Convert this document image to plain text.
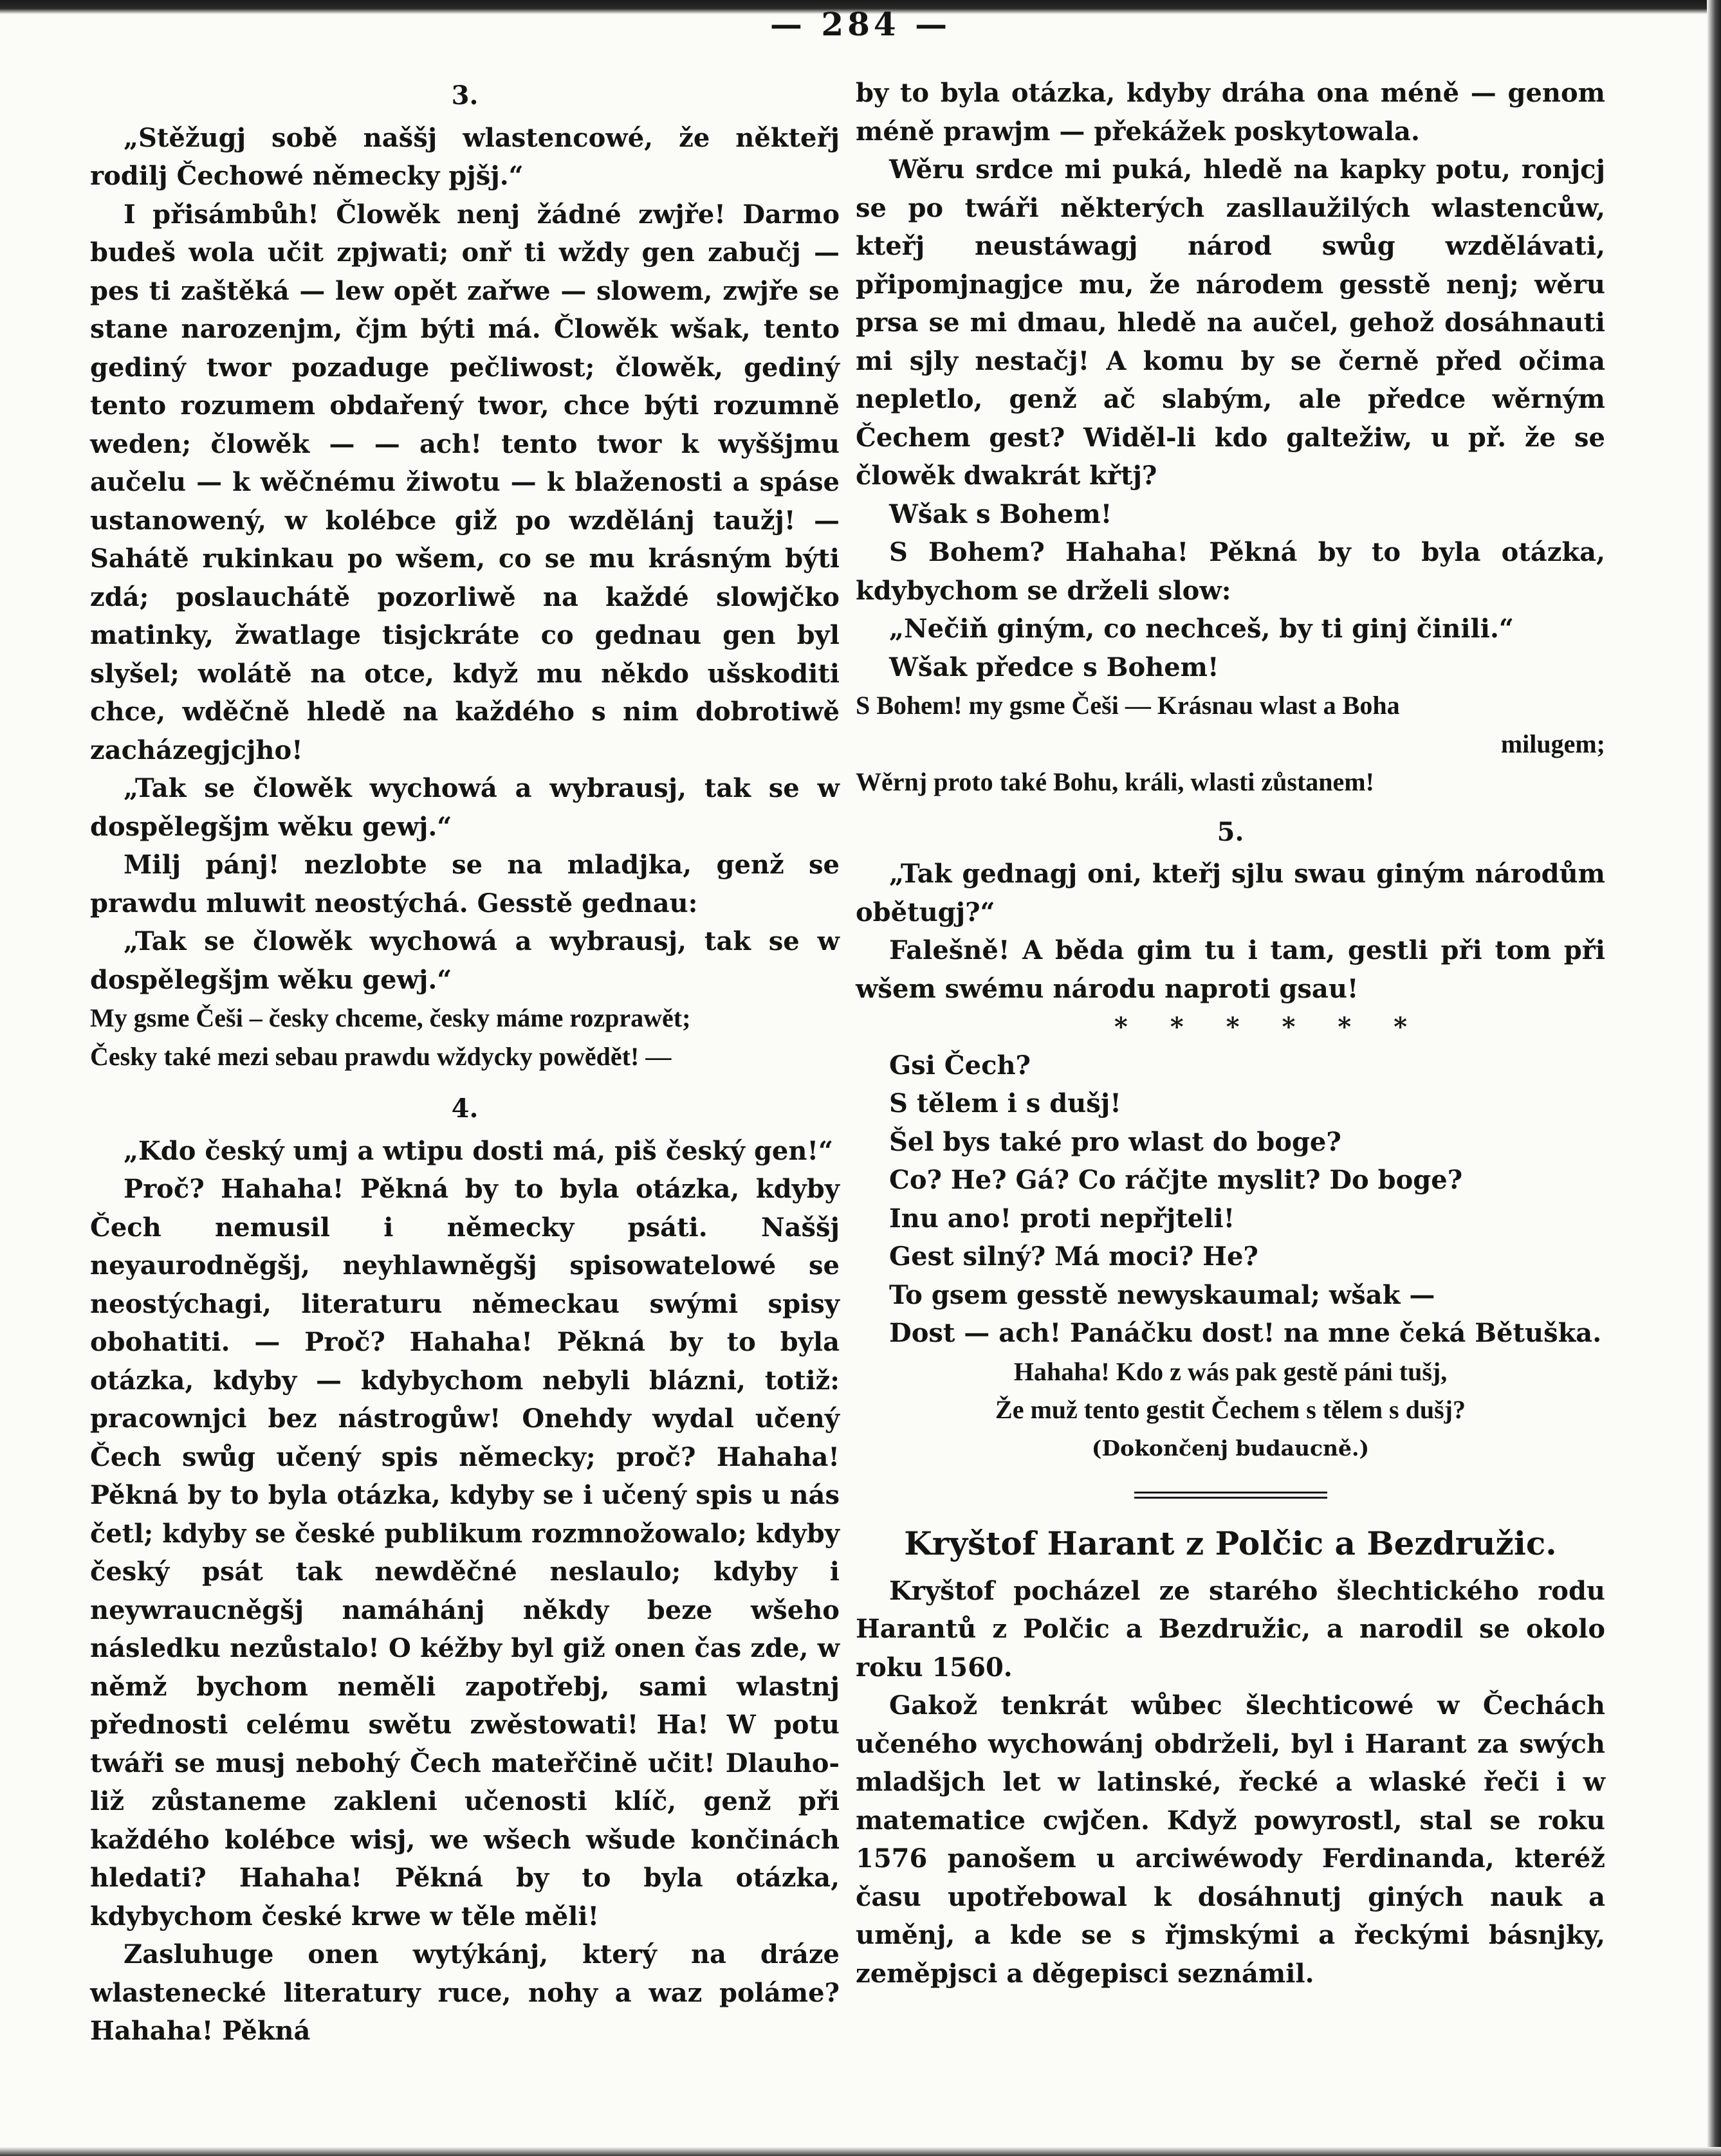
— 284 —
3.

„Stěžugj sobě naššj wlastencowé, že někteřj rodilj Čechowé německy pjšj.“

I přisámbůh! Člowěk nenj žádné zwjře! Darmo budeš wola učit zpjwati; onř ti wždy gen zabučj — pes ti zaštěká — lew opět zařwe — slowem, zwjře se stane narozenjm, čjm býti má. Člowěk wšak, tento gediný twor pozaduge pečliwost; člowěk, gediný tento rozumem obdařený twor, chce býti rozumně weden; člowěk — — ach! tento twor k wyššjmu aučelu — k wěčnému žiwotu — k blaženosti a spáse ustanowený, w kolébce giž po wzdělánj taužj! — Sahátě rukinkau po wšem, co se mu krásným býti zdá; poslauchátě pozorliwě na každé slowjčko matinky, žwatlage tisjckráte co gednau gen byl slyšel; wolátě na otce, když mu někdo ušskoditi chce, wděčně hledě na každého s nim dobrotiwě zacházegjcjho!

„Tak se člowěk wychowá a wybrausj, tak se w dospělegšjm wěku gewj.“

Milj pánj! nezlobte se na mladjka, genž se prawdu mluwit neostýchá. Gesstě gednau:

„Tak se člowěk wychowá a wybrausj, tak se w dospělegšjm wěku gewj.“

My gsme Češi – česky chceme, česky máme rozprawět;
Česky také mezi sebau prawdu wždycky powědět! —
4.

„Kdo český umj a wtipu dosti má, piš český gen!“

Proč? Hahaha! Pěkná by to byla otázka, kdyby Čech nemusil i německy psáti. Naššj neyaurodněgšj, neyhlawněgšj spisowatelowé se neostýchagi, literaturu německau swými spisy obohatiti. — Proč? Hahaha! Pěkná by to byla otázka, kdyby — kdybychom nebyli blázni, totiž: pracownjci bez nástrogůw! Onehdy wydal učený Čech swůg učený spis německy; proč? Hahaha! Pěkná by to byla otázka, kdyby se i učený spis u nás četl; kdyby se české publikum rozmnožowalo; kdyby český psát tak newděčné neslaulo; kdyby i neywraucněgšj namáhánj někdy beze wšeho následku nezůstalo! O kéžby byl giž onen čas zde, w němž bychom neměli zapotřebj, sami wlastnj přednosti celému swětu zwěstowati! Ha! W potu twáři se musj nebohý Čech mateřčině učit! Dlauho-liž zůstaneme zakleni učenosti klíč, genž při každého kolébce wisj, we wšech wšude končinách hledati? Hahaha! Pěkná by to byla otázka, kdybychom české krwe w těle měli!

Zasluhuge onen wytýkánj, který na dráze wlastenecké literatury ruce, nohy a waz poláme? Hahaha! Pěkná

by to byla otázka, kdyby dráha ona méně — genom méně prawjm — překážek poskytowala.

Wěru srdce mi puká, hledě na kapky potu, ronjcj se po twáři některých zasllaužilých wlastencůw, kteřj neustáwagj národ swůg wzdělávati, připomjnagjce mu, že národem gesstě nenj; wěru prsa se mi dmau, hledě na aučel, gehož dosáhnauti mi sjly nestačj! A komu by se černě před očima nepletlo, genž ač slabým, ale předce wěrným Čechem gest? Widěl-li kdo galtežiw, u př. že se člowěk dwakrát křtj?

Wšak s Bohem!

S Bohem? Hahaha! Pěkná by to byla otázka, kdybychom se drželi slow:

„Nečiň giným, co nechceš, by ti ginj činili.“

Wšak předce s Bohem!

S Bohem! my gsme Češi — Krásnau wlast a Boha
milugem;
Wěrnj proto také Bohu, králi, wlasti zůstanem!
5.

„Tak gednagj oni, kteřj sjlu swau giným národům obětugj?“

Falešně! A běda gim tu i tam, gestli při tom při wšem swému národu naproti gsau!

* * * * * *
Gsi Čech?
S tělem i s dušj!
Šel bys také pro wlast do boge?
Co? He? Gá? Co ráčjte myslit? Do boge?
Inu ano! proti nepřjteli!
Gest silný? Má moci? He?
To gsem gesstě newyskaumal; wšak —
Dost — ach! Panáčku dost! na mne čeká Bětuška.
Hahaha! Kdo z wás pak gestě páni tušj,
Že muž tento gestit Čechem s tělem s dušj?
(Dokončenj budaucně.)
Kryštof Harant z Polčic a Bezdružic.

Kryštof pocházel ze starého šlechtického rodu Harantů z Polčic a Bezdružic, a narodil se okolo roku 1560.

Gakož tenkrát wůbec šlechticowé w Čechách učeného wychowánj obdrželi, byl i Harant za swých mladšjch let w latinské, řecké a wlaské řeči i w matematice cwjčen. Když powyrostl, stal se roku 1576 panošem u arciwéwody Ferdinanda, kteréž času upotřebowal k dosáhnutj giných nauk a uměnj, a kde se s řjmskými a řeckými básnjky, zeměpjsci a děgepisci seznámil.
